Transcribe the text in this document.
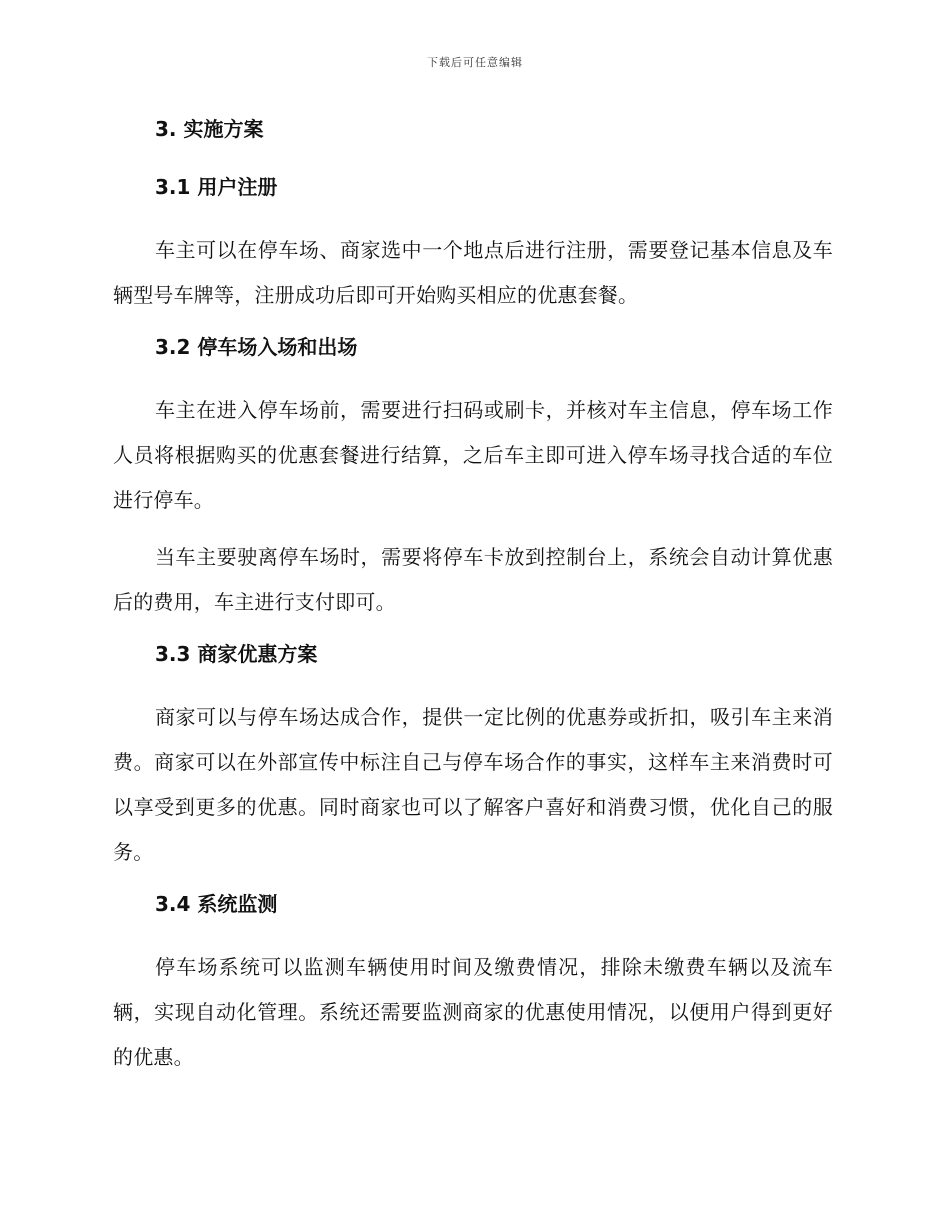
下载后可任意编辑
3. 实施方案
3.1 用户注册

车主可以在停车场、商家选中一个地点后进行注册，需要登记基本信息及车辆型号车牌等，注册成功后即可开始购买相应的优惠套餐。

3.2 停车场入场和出场

车主在进入停车场前，需要进行扫码或刷卡，并核对车主信息，停车场工作人员将根据购买的优惠套餐进行结算，之后车主即可进入停车场寻找合适的车位进行停车。

当车主要驶离停车场时，需要将停车卡放到控制台上，系统会自动计算优惠后的费用，车主进行支付即可。

3.3 商家优惠方案

商家可以与停车场达成合作，提供一定比例的优惠券或折扣，吸引车主来消费。商家可以在外部宣传中标注自己与停车场合作的事实，这样车主来消费时可以享受到更多的优惠。同时商家也可以了解客户喜好和消费习惯，优化自己的服务。

3.4 系统监测

停车场系统可以监测车辆使用时间及缴费情况，排除未缴费车辆以及流车辆，实现自动化管理。系统还需要监测商家的优惠使用情况，以便用户得到更好的优惠。
